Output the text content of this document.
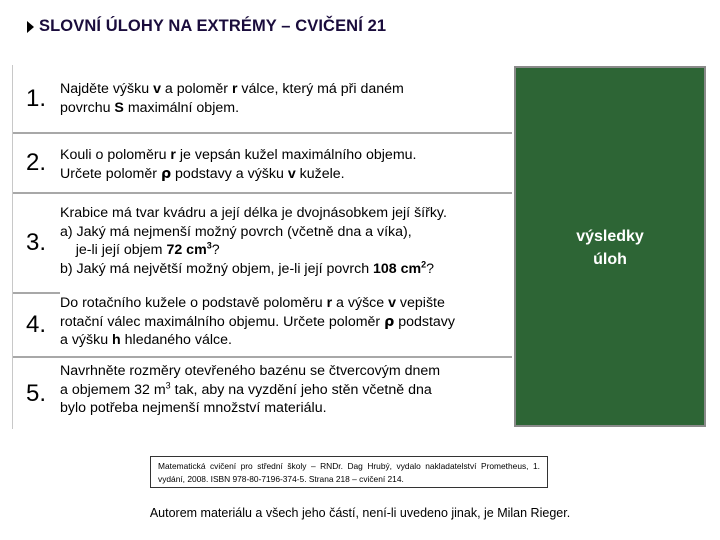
SLOVNÍ ÚLOHY NA EXTRÉMY – CVIČENÍ 21
1. Najděte výšku v a poloměr r válce, který má při daném
povrchu S maximální objem.
2. Kouli o poloměru r je vepsán kužel maximálního objemu.
Určete poloměr ρ podstavy a výšku v kužele.
3.
Krabice má tvar kvádru a její délka je dvojnásobkem její šířky.
a) Jaký má nejmenší možný povrch (včetně dna a víka),
je-li její objem 72 $cm^3$?
b) Jaký má největší možný objem, je-li její povrch 108 $cm^2$?
4.
Do rotačního kužele o podstavě poloměru r a výšce v vepište
rotační válec maximálního objemu. Určete poloměr ρ podstavy
a výšku h hledaného válce.
5.
Navrhněte rozměry otevřeného bazénu se čtvercovým dnem
a objemem 32 $m^3$ tak, aby na vyzdění jeho stěn včetně dna
bylo potřeba nejmenší množství materiálu.
výsledky
úloh
Matematická cvičení pro střední školy – RNDr. Dag Hrubý, vydalo nakladatelství Prometheus, 1. vydání, 2008. ISBN 978-80-7196-374-5. Strana 218 – cvičení 214.
Autorem materiálu a všech jeho částí, není-li uvedeno jinak, je Milan Rieger.
